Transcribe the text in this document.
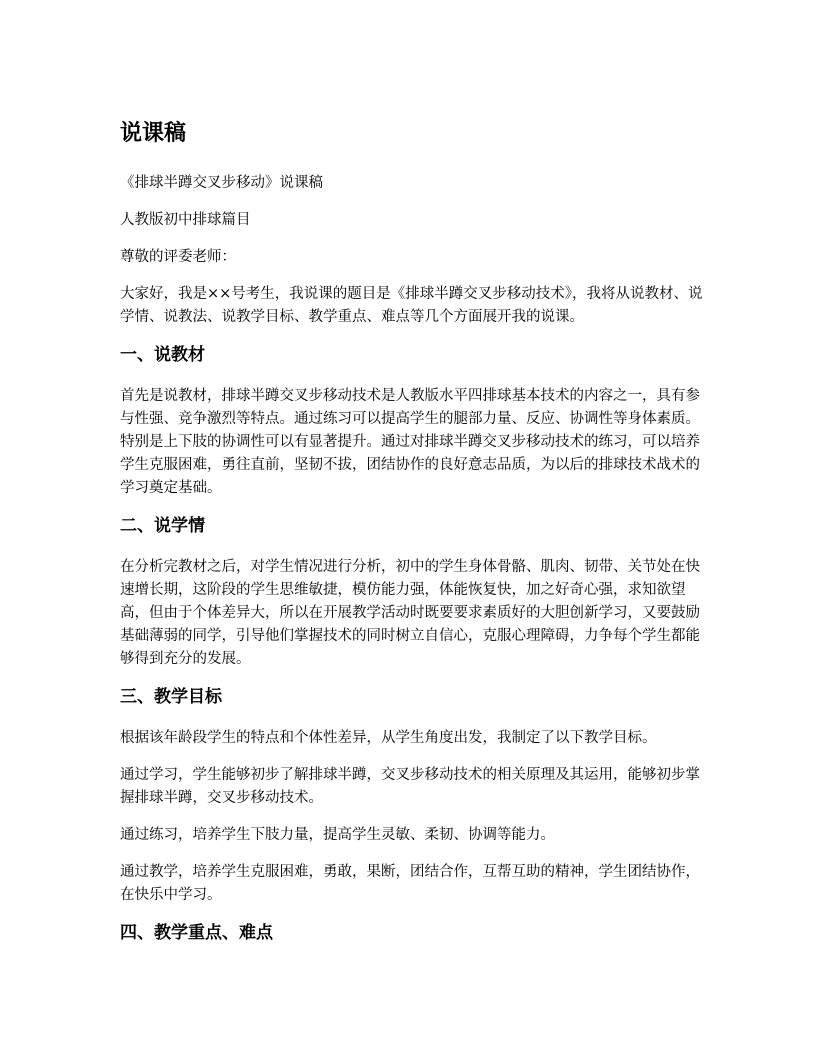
说课稿

《排球半蹲交叉步移动》说课稿

人教版初中排球篇目

尊敬的评委老师：

大家好，我是××号考生，我说课的题目是《排球半蹲交叉步移动技术》，我将从说教材、说学情、说教法、说教学目标、教学重点、难点等几个方面展开我的说课。

一、说教材

首先是说教材，排球半蹲交叉步移动技术是人教版水平四排球基本技术的内容之一，具有参与性强、竞争激烈等特点。通过练习可以提高学生的腿部力量、反应、协调性等身体素质。特别是上下肢的协调性可以有显著提升。通过对排球半蹲交叉步移动技术的练习，可以培养学生克服困难，勇往直前，坚韧不拔，团结协作的良好意志品质，为以后的排球技术战术的学习奠定基础。

二、说学情

在分析完教材之后，对学生情况进行分析，初中的学生身体骨骼、肌肉、韧带、关节处在快速增长期，这阶段的学生思维敏捷，模仿能力强，体能恢复快，加之好奇心强，求知欲望高，但由于个体差异大，所以在开展教学活动时既要要求素质好的大胆创新学习，又要鼓励基础薄弱的同学，引导他们掌握技术的同时树立自信心，克服心理障碍，力争每个学生都能够得到充分的发展。

三、教学目标

根据该年龄段学生的特点和个体性差异，从学生角度出发，我制定了以下教学目标。

通过学习，学生能够初步了解排球半蹲，交叉步移动技术的相关原理及其运用，能够初步掌握排球半蹲，交叉步移动技术。

通过练习，培养学生下肢力量，提高学生灵敏、柔韧、协调等能力。

通过教学，培养学生克服困难，勇敢，果断，团结合作，互帮互助的精神，学生团结协作，在快乐中学习。

四、教学重点、难点
